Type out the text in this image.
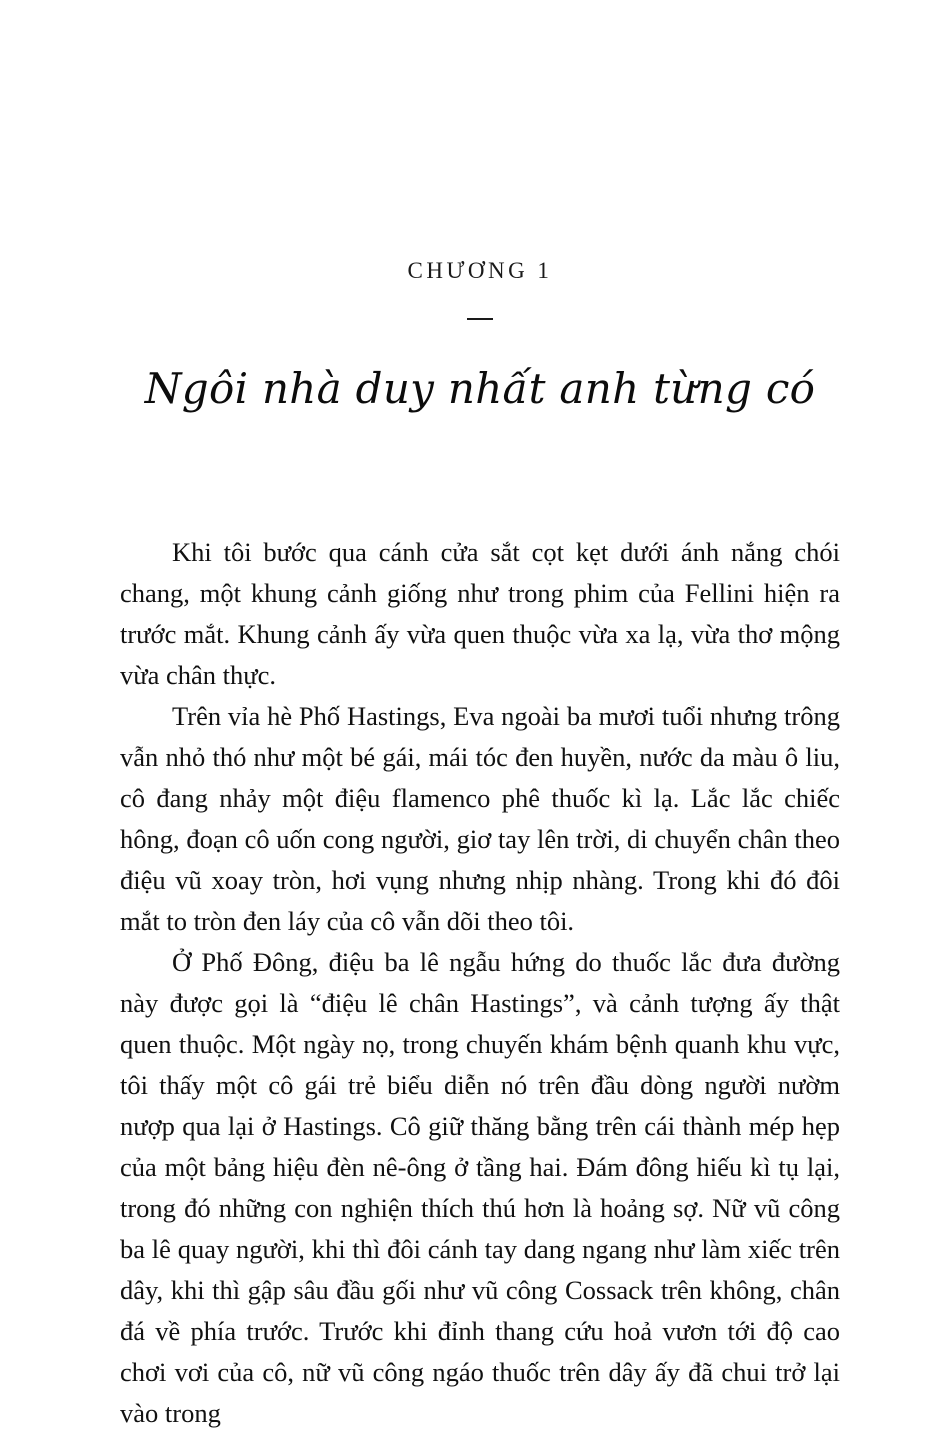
CHƯƠNG 1
Ngôi nhà duy nhất anh từng có

Khi tôi bước qua cánh cửa sắt cọt kẹt dưới ánh nắng chói chang, một khung cảnh giống như trong phim của Fellini hiện ra trước mắt. Khung cảnh ấy vừa quen thuộc vừa xa lạ, vừa thơ mộng vừa chân thực.

Trên vỉa hè Phố Hastings, Eva ngoài ba mươi tuổi nhưng trông vẫn nhỏ thó như một bé gái, mái tóc đen huyền, nước da màu ô liu, cô đang nhảy một điệu flamenco phê thuốc kì lạ. Lắc lắc chiếc hông, đoạn cô uốn cong người, giơ tay lên trời, di chuyển chân theo điệu vũ xoay tròn, hơi vụng nhưng nhịp nhàng. Trong khi đó đôi mắt to tròn đen láy của cô vẫn dõi theo tôi.

Ở Phố Đông, điệu ba lê ngẫu hứng do thuốc lắc đưa đường này được gọi là “điệu lê chân Hastings”, và cảnh tượng ấy thật quen thuộc. Một ngày nọ, trong chuyến khám bệnh quanh khu vực, tôi thấy một cô gái trẻ biểu diễn nó trên đầu dòng người nườm nượp qua lại ở Hastings. Cô giữ thăng bằng trên cái thành mép hẹp của một bảng hiệu đèn nê-ông ở tầng hai. Đám đông hiếu kì tụ lại, trong đó những con nghiện thích thú hơn là hoảng sợ. Nữ vũ công ba lê quay người, khi thì đôi cánh tay dang ngang như làm xiếc trên dây, khi thì gập sâu đầu gối như vũ công Cossack trên không, chân đá về phía trước. Trước khi đỉnh thang cứu hoả vươn tới độ cao chơi vơi của cô, nữ vũ công ngáo thuốc trên dây ấy đã chui trở lại vào trong
